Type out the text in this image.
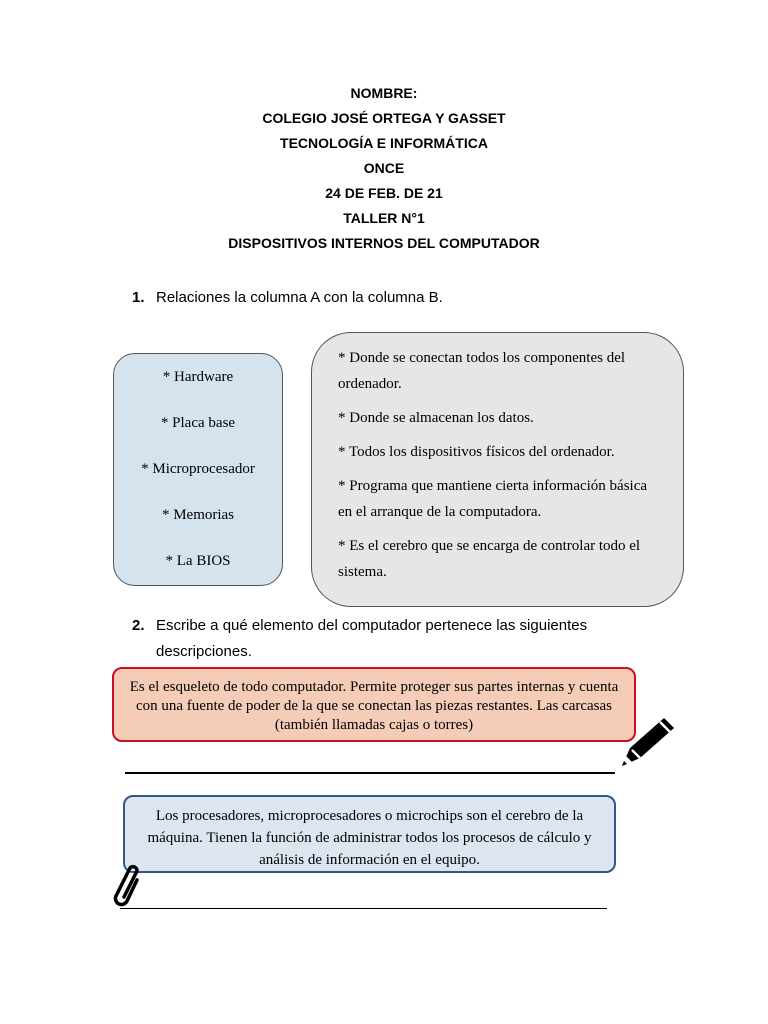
NOMBRE:
COLEGIO JOSÉ ORTEGA Y GASSET
TECNOLOGÍA E INFORMÁTICA
ONCE
24 DE FEB. DE 21
TALLER N°1
DISPOSITIVOS INTERNOS DEL COMPUTADOR
1. Relaciones la columna A con la columna B.
* Hardware
* Placa base
* Microprocesador
* Memorias
* La BIOS
* Donde se conectan todos los componentes del ordenador.
* Donde se almacenan los datos.
* Todos los dispositivos físicos del ordenador.
* Programa que mantiene cierta información básica en el arranque de la computadora.
* Es el cerebro que se encarga de controlar todo el sistema.
2. Escribe a qué elemento del computador pertenece las siguientes descripciones.
Es el esqueleto de todo computador. Permite proteger sus partes internas y cuenta con una fuente de poder de la que se conectan las piezas restantes. Las carcasas (también llamadas cajas o torres)
Los procesadores, microprocesadores o microchips son el cerebro de la máquina. Tienen la función de administrar todos los procesos de cálculo y análisis de información en el equipo.
